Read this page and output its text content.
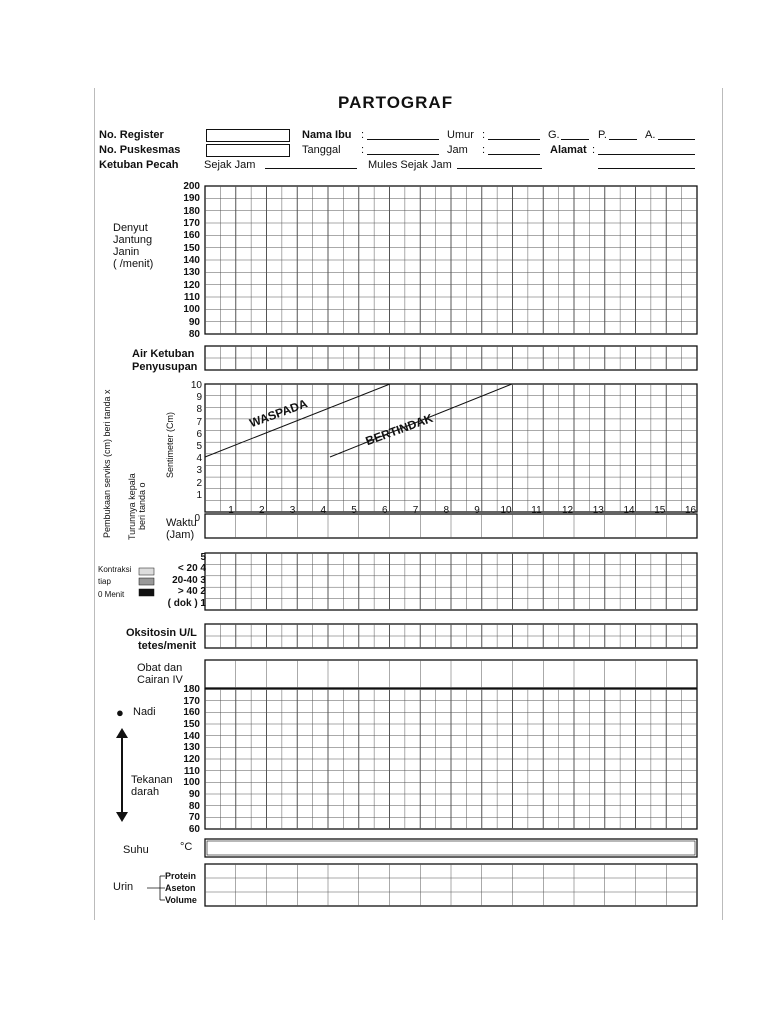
PARTOGRAF
No. Register
No. Puskesmas
Ketuban Pecah Sejak Jam	Mules Sejak Jam
Nama Ibu :	Umur :	G.	P.	A.
Tanggal :	Jam :	Alamat :
Denyut
Jantung
Janin
( /menit)
200
190
180
170
160
150
140
130
120
110
100
90
80
Air Ketuban
Penyusupan
Pembukaan serviks (cm) beri tanda x Turunnya kepala beri tanda o
Sentimeter (Cm)
10
9
8
7
6
5
4
3
2
1
0
1	2	3	4	5	6	7	8	9 10 11 12 13 14 15 16
WASPADA	BERTINDAK
Waktu
(Jam)
Kontraksi
tiap
0 Menit
5
< 20 4
20-40 3
> 40 2
( dok ) 1
Oksitosin U/L
tetes/menit
Obat dan
Cairan IV
● Nadi
Tekanan
darah
180
170
160
150
140
130
120
110
100
90
80
70
60
Suhu	°C
Urin
Protein
Aseton
Volume
